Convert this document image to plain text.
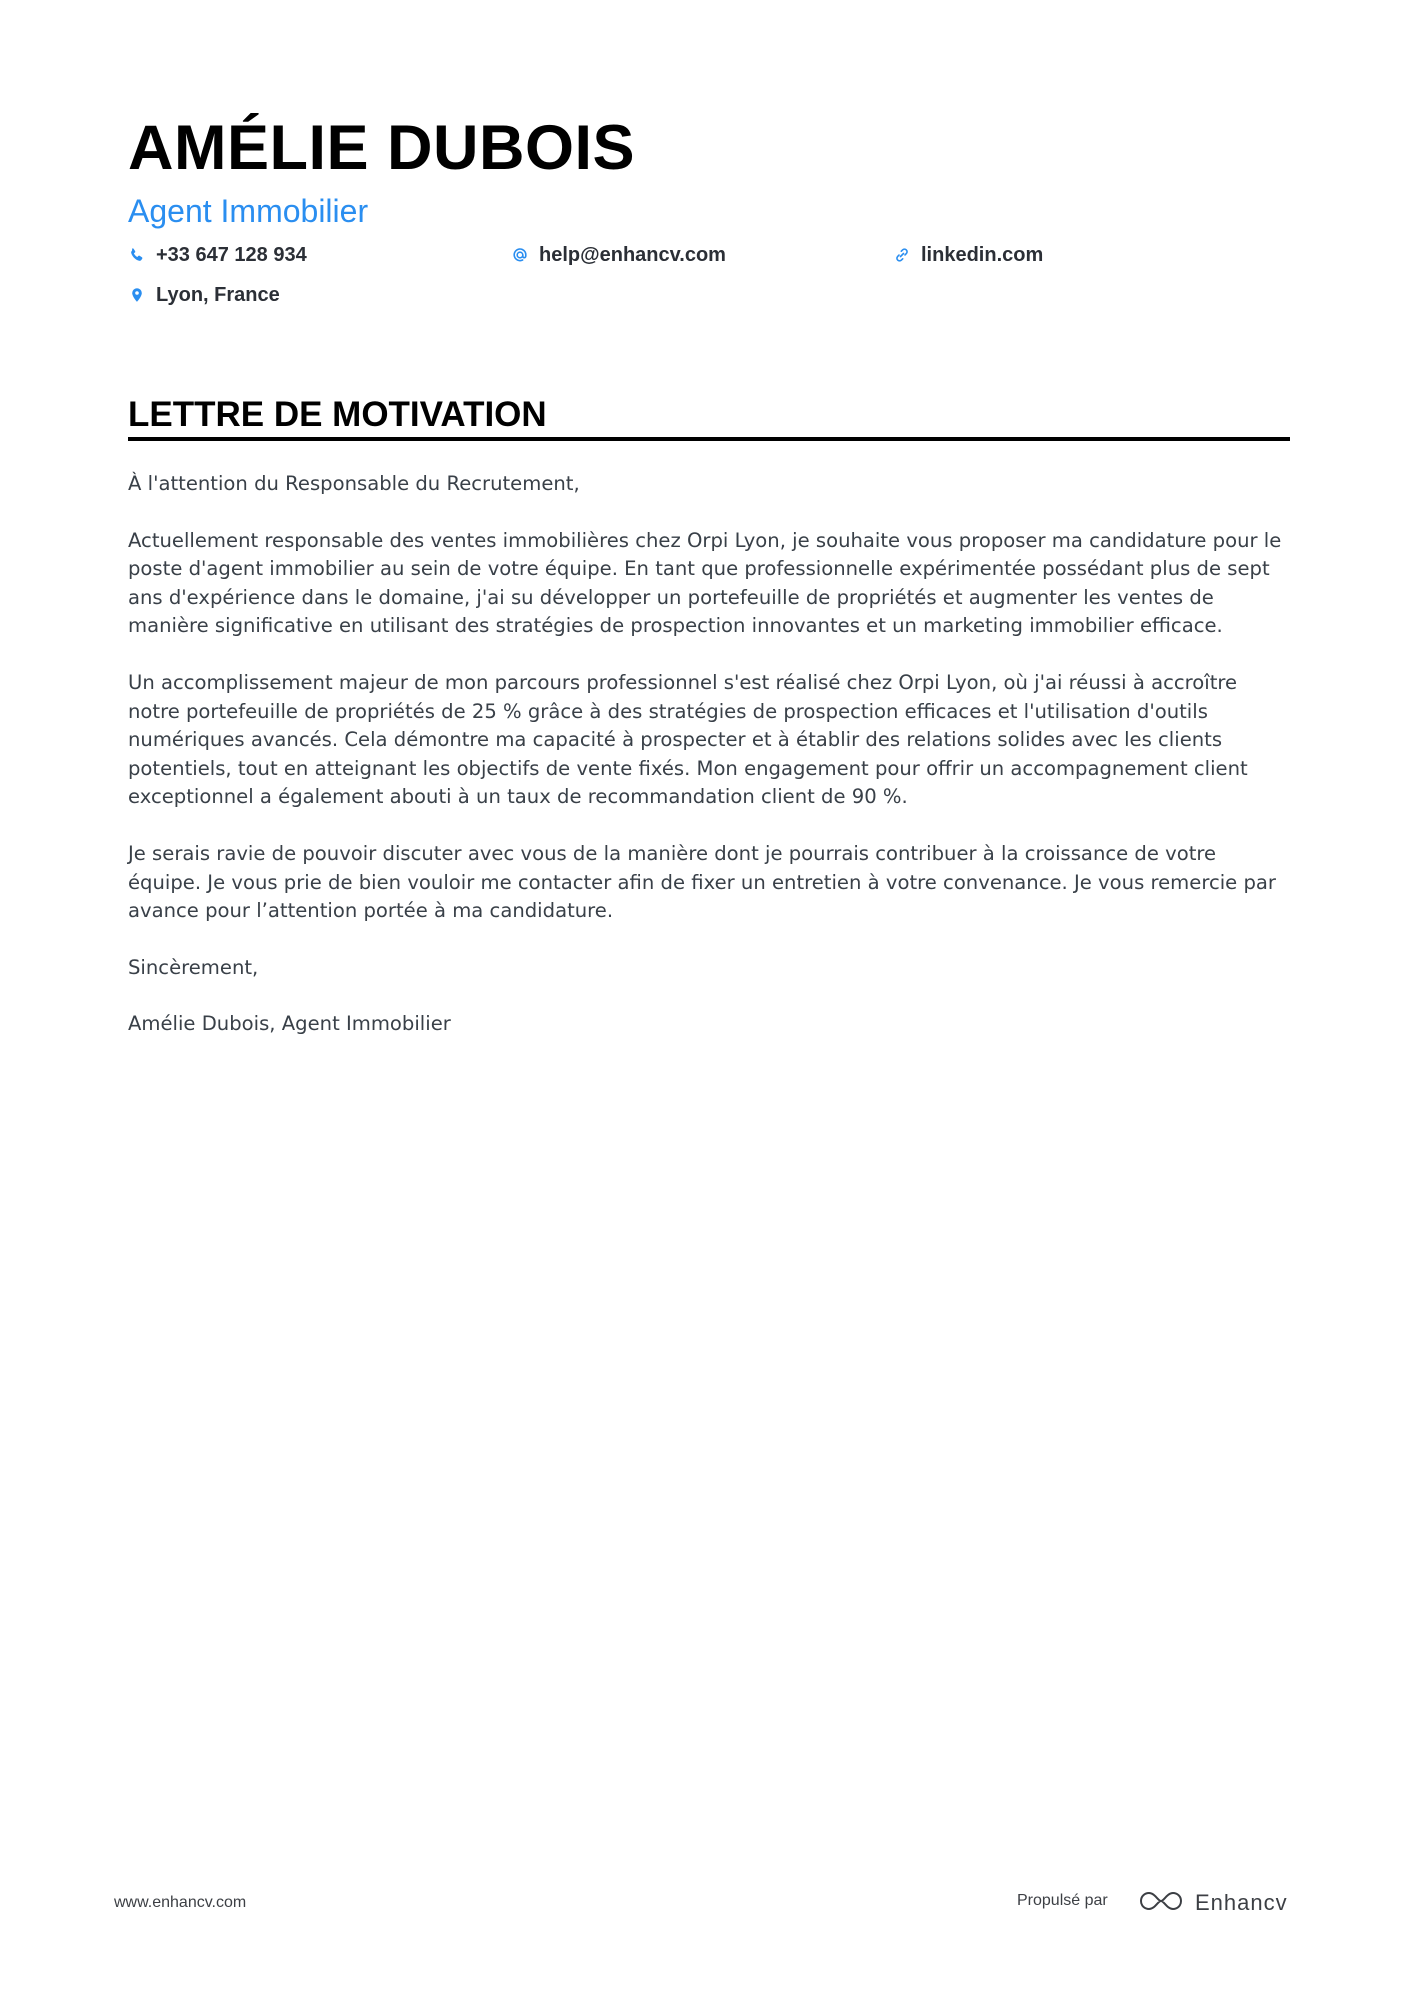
AMÉLIE DUBOIS
Agent Immobilier
+33 647 128 934	help@enhancv.com	linkedin.com
Lyon, France
LETTRE DE MOTIVATION

À l'attention du Responsable du Recrutement,

Actuellement responsable des ventes immobilières chez Orpi Lyon, je souhaite vous proposer ma candidature pour le poste d'agent immobilier au sein de votre équipe. En tant que professionnelle expérimentée possédant plus de sept ans d'expérience dans le domaine, j'ai su développer un portefeuille de propriétés et augmenter les ventes de manière significative en utilisant des stratégies de prospection innovantes et un marketing immobilier efficace.

Un accomplissement majeur de mon parcours professionnel s'est réalisé chez Orpi Lyon, où j'ai réussi à accroître notre portefeuille de propriétés de 25 % grâce à des stratégies de prospection efficaces et l'utilisation d'outils numériques avancés. Cela démontre ma capacité à prospecter et à établir des relations solides avec les clients potentiels, tout en atteignant les objectifs de vente fixés. Mon engagement pour offrir un accompagnement client exceptionnel a également abouti à un taux de recommandation client de 90 %.

Je serais ravie de pouvoir discuter avec vous de la manière dont je pourrais contribuer à la croissance de votre équipe. Je vous prie de bien vouloir me contacter afin de fixer un entretien à votre convenance. Je vous remercie par avance pour l’attention portée à ma candidature.

Sincèrement,

Amélie Dubois, Agent Immobilier

www.enhancv.com	Propulsé par	Enhancv
